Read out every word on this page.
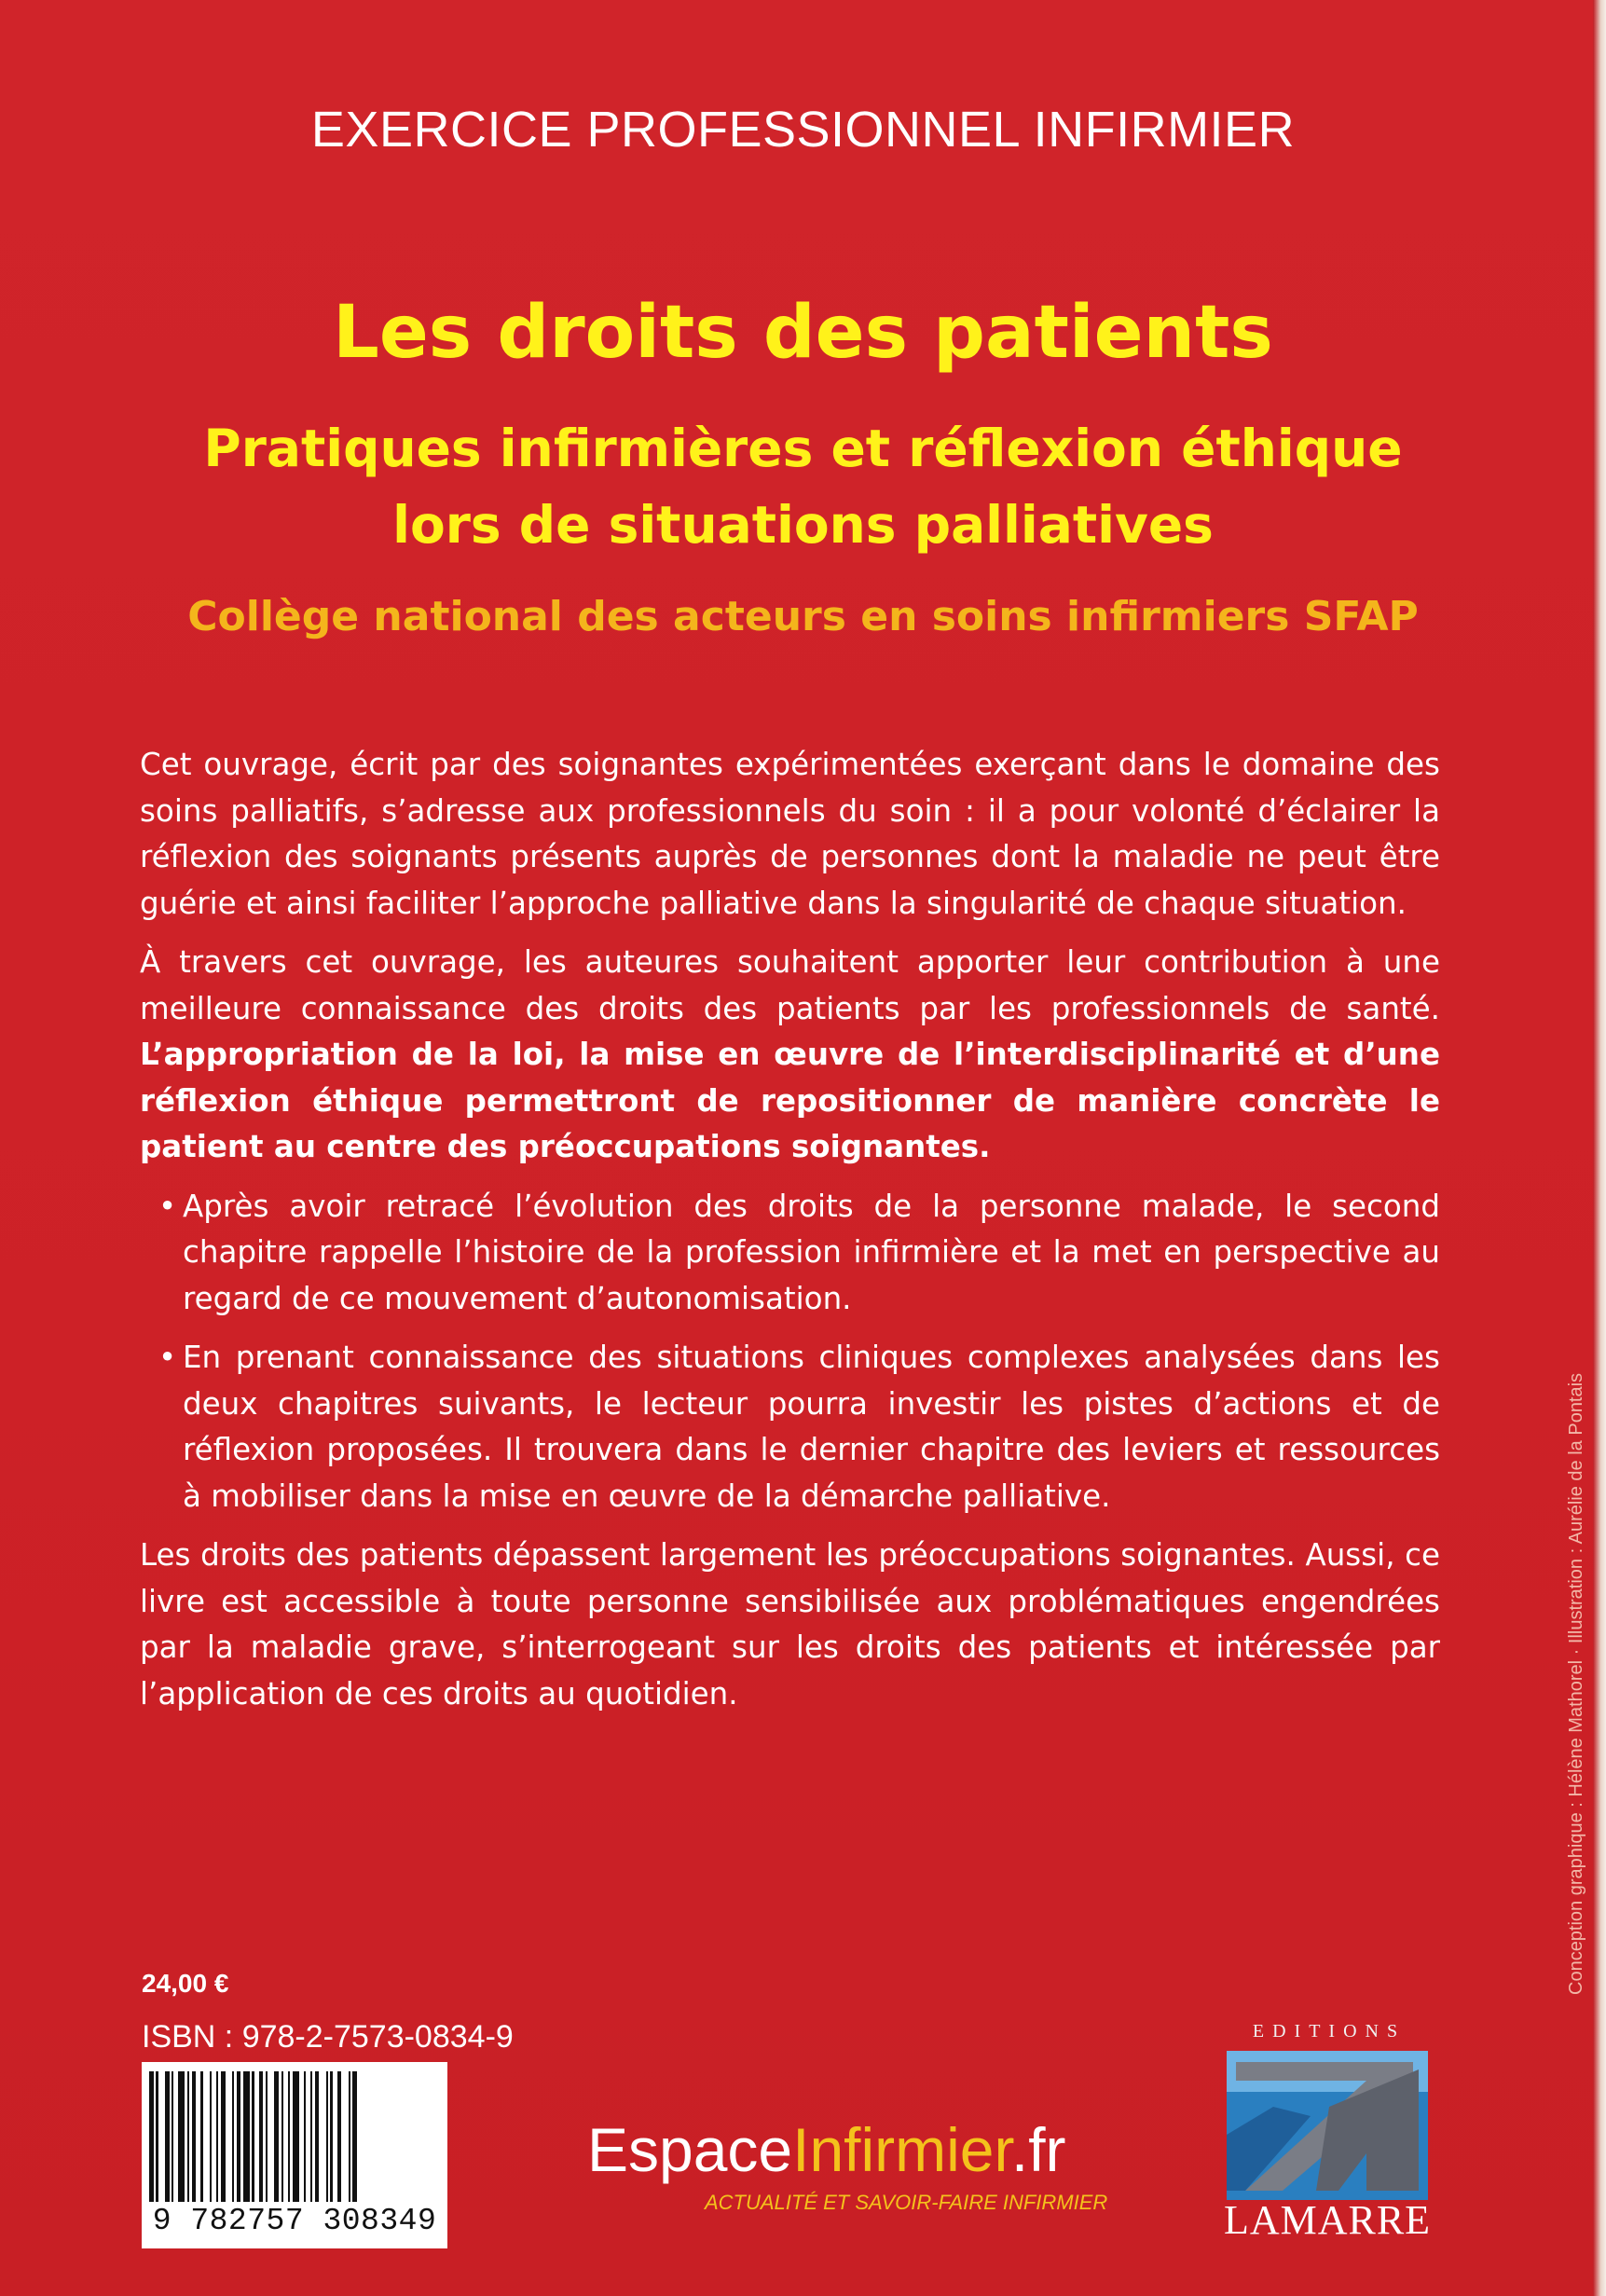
EXERCICE PROFESSIONNEL INFIRMIER
Les droits des patients
Pratiques infirmières et réflexion éthique
lors de situations palliatives
Collège national des acteurs en soins infirmiers SFAP

Cet ouvrage, écrit par des soignantes expérimentées exerçant dans le domaine des soins palliatifs, s’adresse aux professionnels du soin : il a pour volonté d’éclairer la réflexion des soignants présents auprès de personnes dont la maladie ne peut être guérie et ainsi faciliter l’approche palliative dans la singularité de chaque situation.

À travers cet ouvrage, les auteures souhaitent apporter leur contribution à une meilleure connaissance des droits des patients par les professionnels de santé. L’appropriation de la loi, la mise en œuvre de l’interdisciplinarité et d’une réflexion éthique permettront de repositionner de manière concrète le patient au centre des préoccupations soignantes.

• Après avoir retracé l’évolution des droits de la personne malade, le second chapitre rappelle l’histoire de la profession infirmière et la met en perspective au regard de ce mouvement d’autonomisation.
• En prenant connaissance des situations cliniques complexes analysées dans les deux chapitres suivants, le lecteur pourra investir les pistes d’actions et de réflexion proposées. Il trouvera dans le dernier chapitre des leviers et ressources à mobiliser dans la mise en œuvre de la démarche palliative.

Les droits des patients dépassent largement les préoccupations soignantes. Aussi, ce livre est accessible à toute personne sensibilisée aux problématiques engendrées par la maladie grave, s’interrogeant sur les droits des patients et intéressée par l’application de ces droits au quotidien.

24,00 €
ISBN : 978-2-7573-0834-9
9 782757 308349
EspaceInfirmier.fr
ACTUALITÉ ET SAVOIR-FAIRE INFIRMIER
Conception graphique : Hélène Mathorel · Illustration : Aurélie de la Pontais
EDITIONS
LAMARRE
